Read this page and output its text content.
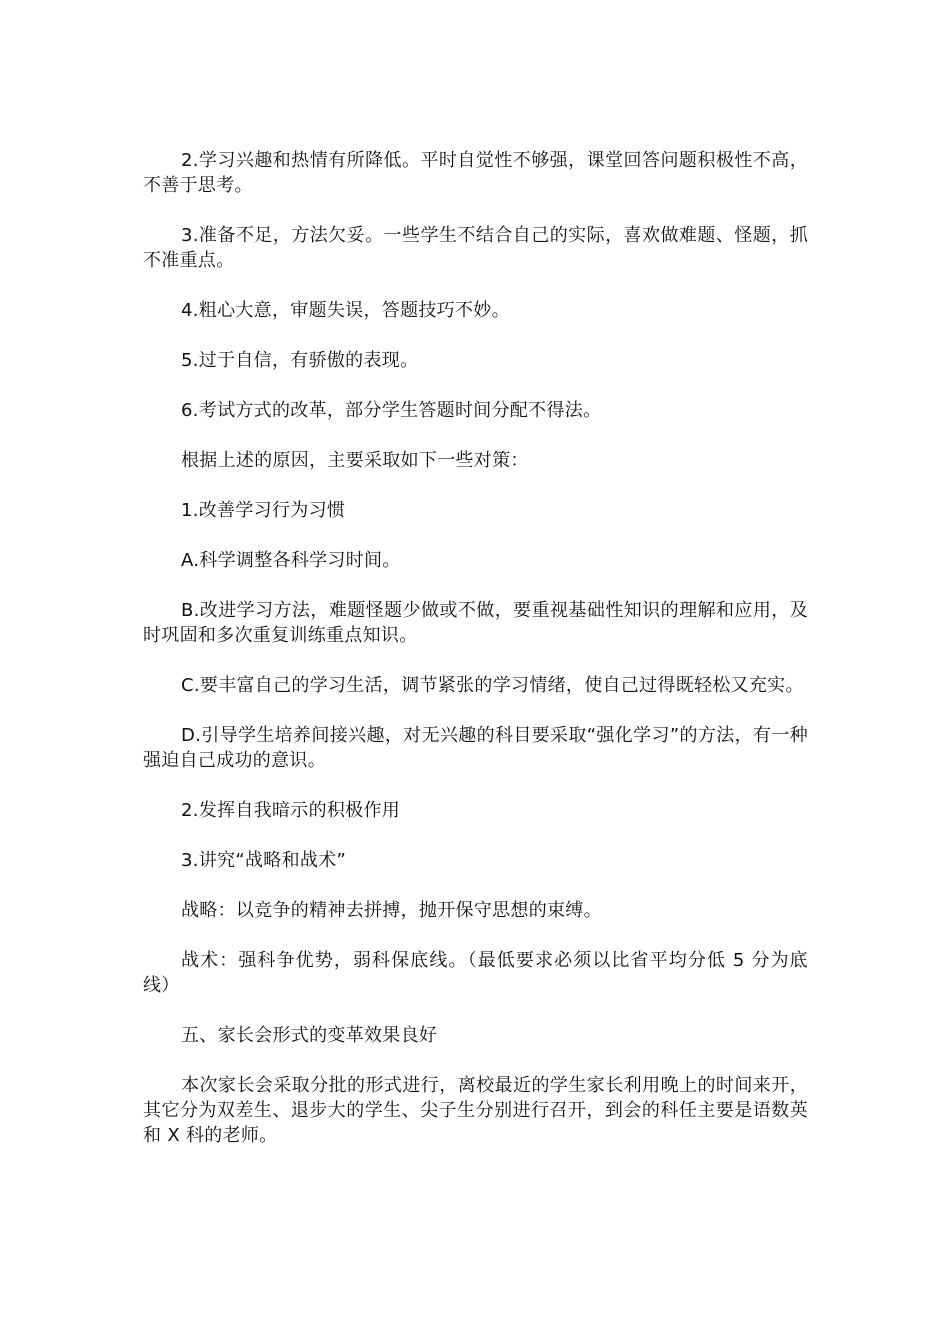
2.学习兴趣和热情有所降低。平时自觉性不够强，课堂回答问题积极性不高，不善于思考。

3.准备不足，方法欠妥。一些学生不结合自己的实际，喜欢做难题、怪题，抓不准重点。

4.粗心大意，审题失误，答题技巧不妙。

5.过于自信，有骄傲的表现。

6.考试方式的改革，部分学生答题时间分配不得法。

根据上述的原因，主要采取如下一些对策：

1.改善学习行为习惯

A.科学调整各科学习时间。

B.改进学习方法，难题怪题少做或不做，要重视基础性知识的理解和应用，及时巩固和多次重复训练重点知识。

C.要丰富自己的学习生活，调节紧张的学习情绪，使自己过得既轻松又充实。

D.引导学生培养间接兴趣，对无兴趣的科目要采取“强化学习”的方法，有一种强迫自己成功的意识。

2.发挥自我暗示的积极作用

3.讲究“战略和战术”

战略：以竞争的精神去拼搏，抛开保守思想的束缚。

战术：强科争优势，弱科保底线。（最低要求必须以比省平均分低 5 分为底线）

五、家长会形式的变革效果良好

本次家长会采取分批的形式进行，离校最近的学生家长利用晚上的时间来开，其它分为双差生、退步大的学生、尖子生分别进行召开，到会的科任主要是语数英和 X 科的老师。
